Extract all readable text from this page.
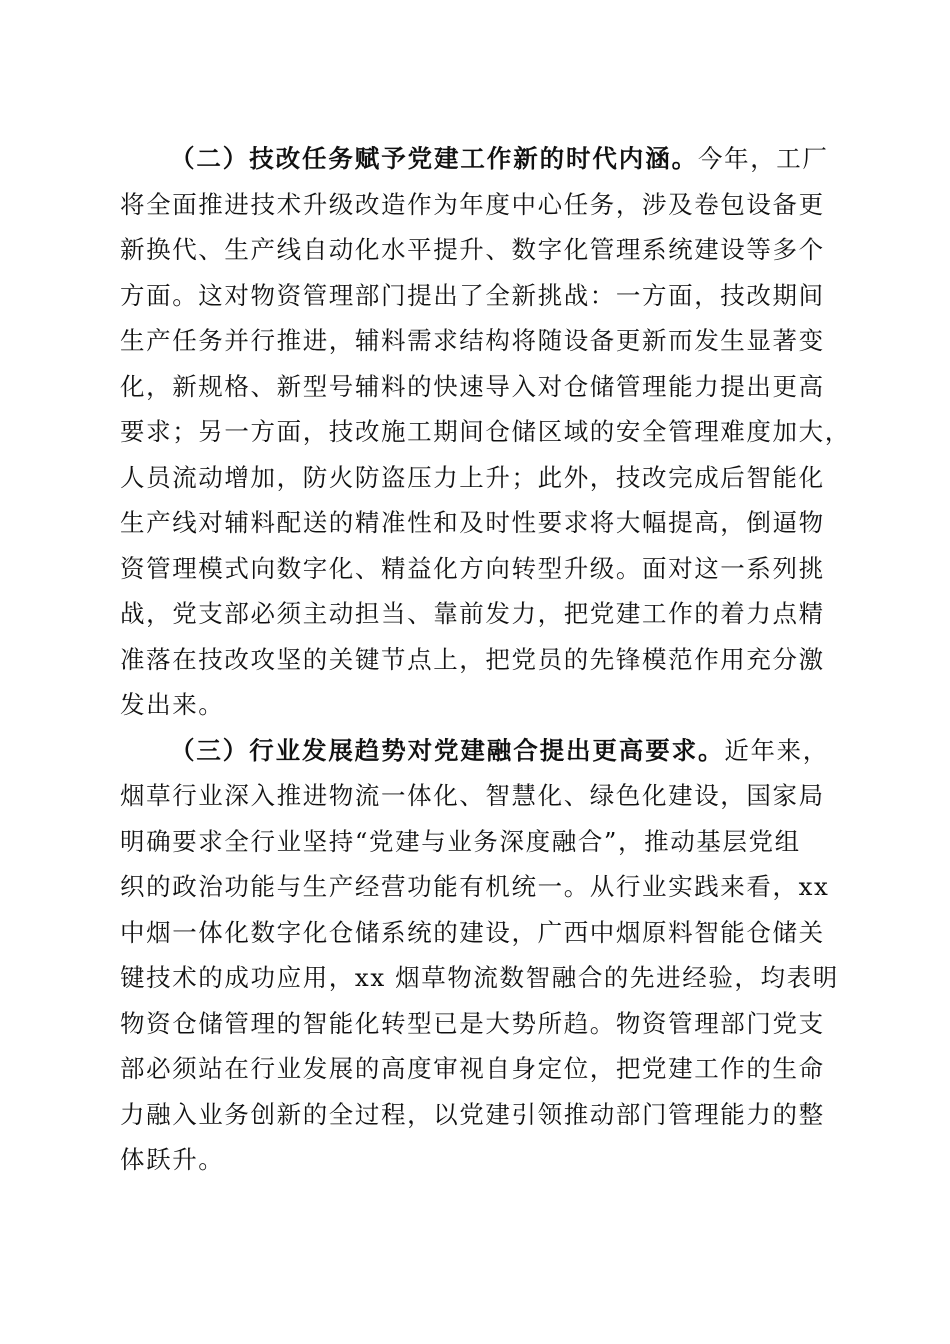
（二）技改任务赋予党建工作新的时代内涵。今年，工厂
将全面推进技术升级改造作为年度中心任务，涉及卷包设备更
新换代、生产线自动化水平提升、数字化管理系统建设等多个
方面。这对物资管理部门提出了全新挑战：一方面，技改期间
生产任务并行推进，辅料需求结构将随设备更新而发生显著变
化，新规格、新型号辅料的快速导入对仓储管理能力提出更高
要求；另一方面，技改施工期间仓储区域的安全管理难度加大，
人员流动增加，防火防盗压力上升；此外，技改完成后智能化
生产线对辅料配送的精准性和及时性要求将大幅提高，倒逼物
资管理模式向数字化、精益化方向转型升级。面对这一系列挑
战，党支部必须主动担当、靠前发力，把党建工作的着力点精
准落在技改攻坚的关键节点上，把党员的先锋模范作用充分激
发出来。

（三）行业发展趋势对党建融合提出更高要求。近年来，
烟草行业深入推进物流一体化、智慧化、绿色化建设，国家局
明确要求全行业坚持“党建与业务深度融合”，推动基层党组
织的政治功能与生产经营功能有机统一。从行业实践来看，xx
中烟一体化数字化仓储系统的建设，广西中烟原料智能仓储关
键技术的成功应用，xx 烟草物流数智融合的先进经验，均表明
物资仓储管理的智能化转型已是大势所趋。物资管理部门党支
部必须站在行业发展的高度审视自身定位，把党建工作的生命
力融入业务创新的全过程，以党建引领推动部门管理能力的整
体跃升。
